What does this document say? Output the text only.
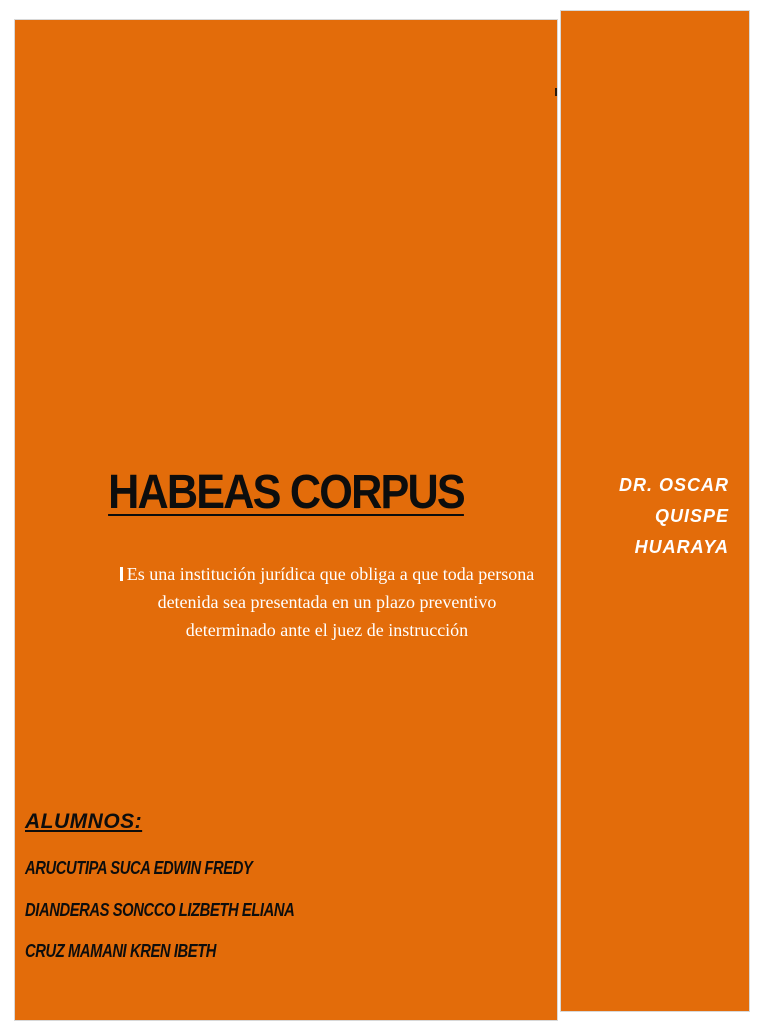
HABEAS CORPUS
Es una institución jurídica que obliga a que toda persona detenida sea presentada en un plazo preventivo determinado ante el juez de instrucción
ALUMNOS:
ARUCUTIPA SUCA EDWIN FREDY
DIANDERAS SONCCO LIZBETH ELIANA
CRUZ MAMANI KREN IBETH
DR. OSCAR
QUISPE
HUARAYA
